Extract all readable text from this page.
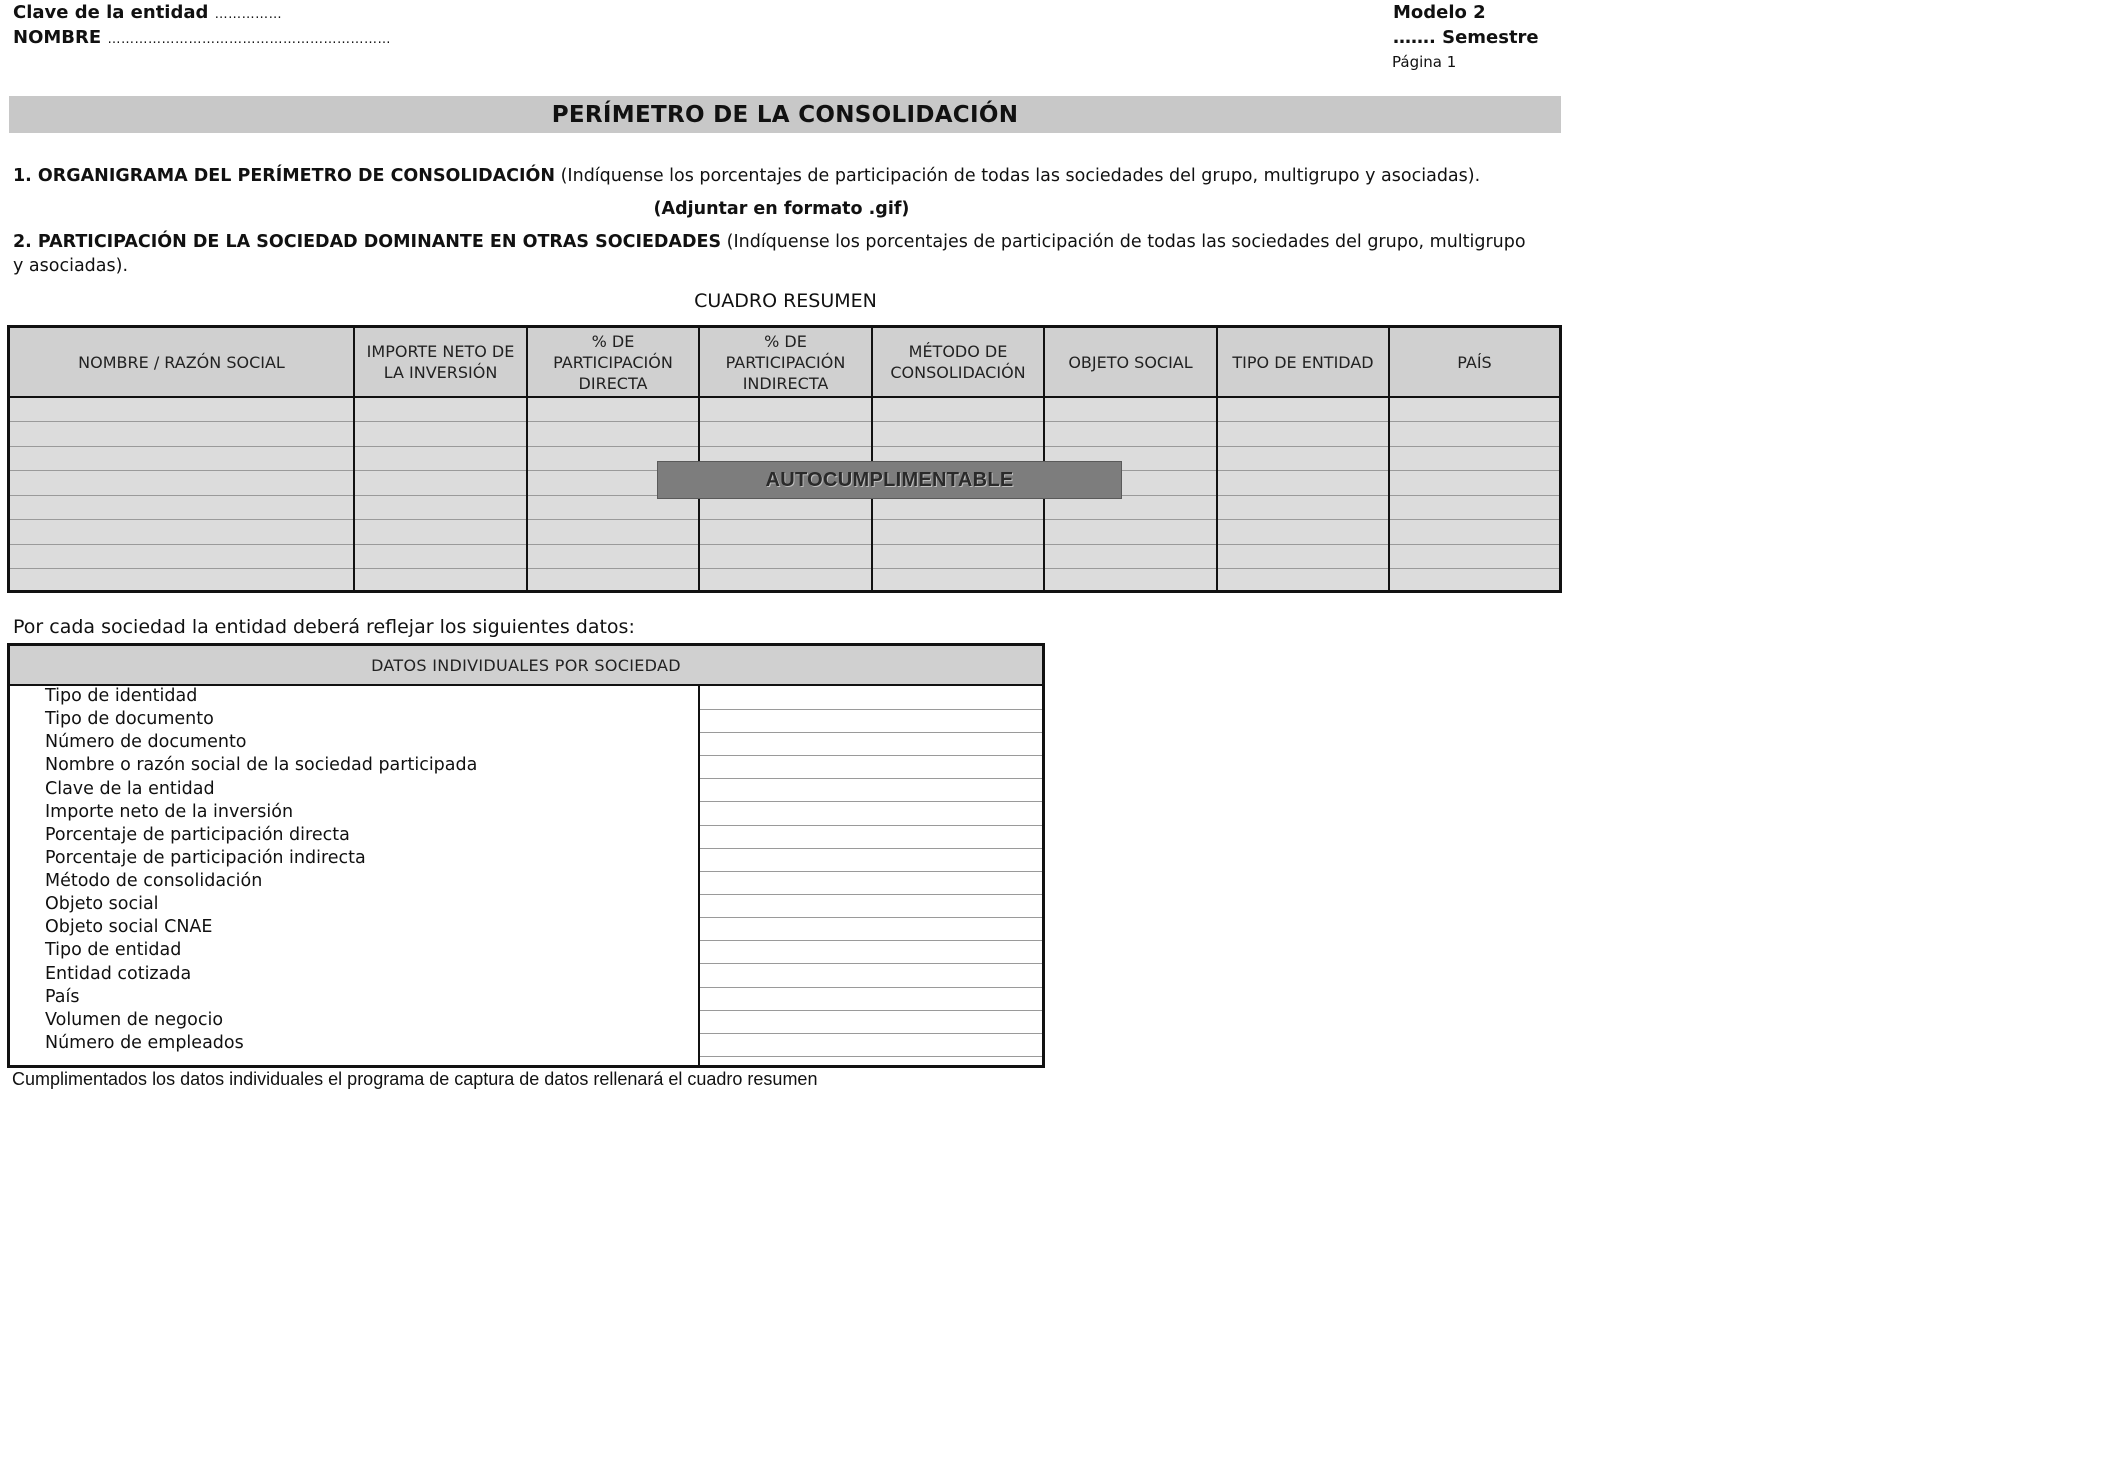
Clave de la entidad ……………
NOMBRE ………………………………………………………
Modelo 2
……. Semestre
Página 1
PERÍMETRO DE LA CONSOLIDACIÓN
1. ORGANIGRAMA DEL PERÍMETRO DE CONSOLIDACIÓN (Indíquense los porcentajes de participación de todas las sociedades del grupo, multigrupo y asociadas).
(Adjuntar en formato .gif)
2. PARTICIPACIÓN DE LA SOCIEDAD DOMINANTE EN OTRAS SOCIEDADES (Indíquense los porcentajes de participación de todas las sociedades del grupo, multigrupo y asociadas).
CUADRO RESUMEN
NOMBRE / RAZÓN SOCIAL
IMPORTE NETO DE LA INVERSIÓN
% DE PARTICIPACIÓN DIRECTA
% DE PARTICIPACIÓN INDIRECTA
MÉTODO DE CONSOLIDACIÓN
OBJETO SOCIAL	TIPO DE ENTIDAD	PAÍS
AUTOCUMPLIMENTABLE
Por cada sociedad la entidad deberá reflejar los siguientes datos:
DATOS INDIVIDUALES POR SOCIEDAD
Tipo de identidad
Tipo de documento
Número de documento
Nombre o razón social de la sociedad participada
Clave de la entidad
Importe neto de la inversión
Porcentaje de participación directa
Porcentaje de participación indirecta
Método de consolidación
Objeto social
Objeto social CNAE
Tipo de entidad
Entidad cotizada
País
Volumen de negocio
Número de empleados
Cumplimentados los datos individuales el programa de captura de datos rellenará el cuadro resumen
